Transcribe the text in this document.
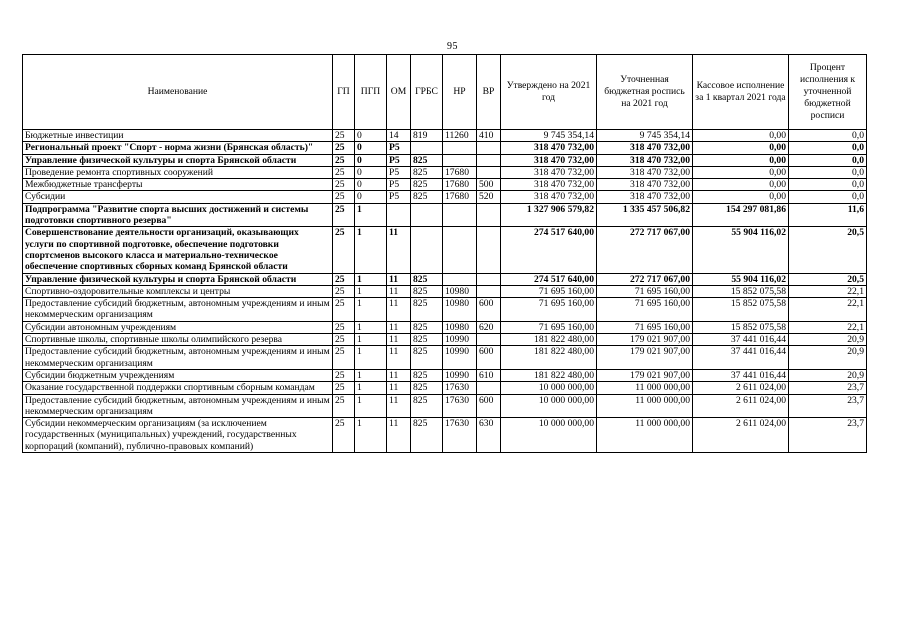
95
Наименование	ГП	ПГП	ОМ	ГРБС	НР	ВР	Утверждено на 2021 год	Уточненная бюджетная роспись на 2021 год	Кассовое исполнение за 1 квартал 2021 года	Процент исполнения к уточненной бюджетной росписи
Бюджетные инвестиции	25	0	14	819	11260	410	9 745 354,14	9 745 354,14	0,00	0,0
Региональный проект "Спорт - норма жизни (Брянская область)"	25	0	P5				318 470 732,00	318 470 732,00	0,00	0,0
Управление физической культуры и спорта Брянской области	25	0	P5	825			318 470 732,00	318 470 732,00	0,00	0,0
Проведение ремонта спортивных сооружений	25	0	P5	825	17680		318 470 732,00	318 470 732,00	0,00	0,0
Межбюджетные трансферты	25	0	P5	825	17680	500	318 470 732,00	318 470 732,00	0,00	0,0
Субсидии	25	0	P5	825	17680	520	318 470 732,00	318 470 732,00	0,00	0,0
Подпрограмма "Развитие спорта высших достижений и системы подготовки спортивного резерва"	25	1					1 327 906 579,82	1 335 457 506,82	154 297 081,86	11,6
Совершенствование деятельности организаций, оказывающих услуги по спортивной подготовке, обеспечение подготовки спортсменов высокого класса и материально-техническое обеспечение спортивных сборных команд Брянской области	25	1	11				274 517 640,00	272 717 067,00	55 904 116,02	20,5
Управление физической культуры и спорта Брянской области	25	1	11	825			274 517 640,00	272 717 067,00	55 904 116,02	20,5
Спортивно-оздоровительные комплексы и центры	25	1	11	825	10980		71 695 160,00	71 695 160,00	15 852 075,58	22,1
Предоставление субсидий бюджетным, автономным учреждениям и иным некоммерческим организациям	25	1	11	825	10980	600	71 695 160,00	71 695 160,00	15 852 075,58	22,1
Субсидии автономным учреждениям	25	1	11	825	10980	620	71 695 160,00	71 695 160,00	15 852 075,58	22,1
Спортивные школы, спортивные школы олимпийского резерва	25	1	11	825	10990		181 822 480,00	179 021 907,00	37 441 016,44	20,9
Предоставление субсидий бюджетным, автономным учреждениям и иным некоммерческим организациям	25	1	11	825	10990	600	181 822 480,00	179 021 907,00	37 441 016,44	20,9
Субсидии бюджетным учреждениям	25	1	11	825	10990	610	181 822 480,00	179 021 907,00	37 441 016,44	20,9
Оказание государственной поддержки спортивным сборным командам	25	1	11	825	17630		10 000 000,00	11 000 000,00	2 611 024,00	23,7
Предоставление субсидий бюджетным, автономным учреждениям и иным некоммерческим организациям	25	1	11	825	17630	600	10 000 000,00	11 000 000,00	2 611 024,00	23,7
Субсидии некоммерческим организациям (за исключением государственных (муниципальных) учреждений, государственных корпораций (компаний), публично-правовых компаний)	25	1	11	825	17630	630	10 000 000,00	11 000 000,00	2 611 024,00	23,7
